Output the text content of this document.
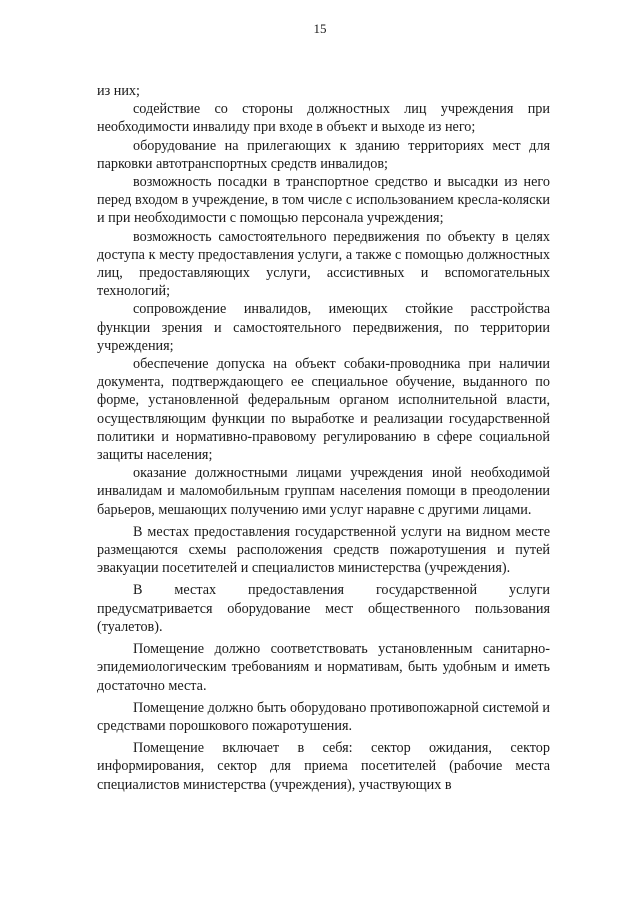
15

из них;

содействие со стороны должностных лиц учреждения при необходимости инвалиду при входе в объект и выходе из него;

оборудование на прилегающих к зданию территориях мест для парковки автотранспортных средств инвалидов;

возможность посадки в транспортное средство и высадки из него перед входом в учреждение, в том числе с использованием кресла-коляски и при необходимости с помощью персонала учреждения;

возможность самостоятельного передвижения по объекту в целях доступа к месту предоставления услуги, а также с помощью должностных лиц, предоставляющих услуги, ассистивных и вспомогательных технологий;

сопровождение инвалидов, имеющих стойкие расстройства функции зрения и самостоятельного передвижения, по территории учреждения;

обеспечение допуска на объект собаки-проводника при наличии документа, подтверждающего ее специальное обучение, выданного по форме, установленной федеральным органом исполнительной власти, осуществляющим функции по выработке и реализации государственной политики и нормативно-правовому регулированию в сфере социальной защиты населения;

оказание должностными лицами учреждения иной необходимой инвалидам и маломобильным группам населения помощи в преодолении барьеров, мешающих получению ими услуг наравне с другими лицами.

В местах предоставления государственной услуги на видном месте размещаются схемы расположения средств пожаротушения и путей эвакуации посетителей и специалистов министерства (учреждения).

В местах предоставления государственной услуги предусматривается оборудование мест общественного пользования (туалетов).

Помещение должно соответствовать установленным санитарно-эпидемиологическим требованиям и нормативам, быть удобным и иметь достаточно места.

Помещение должно быть оборудовано противопожарной системой и средствами порошкового пожаротушения.

Помещение включает в себя: сектор ожидания, сектор информирования, сектор для приема посетителей (рабочие места специалистов министерства (учреждения), участвующих в
